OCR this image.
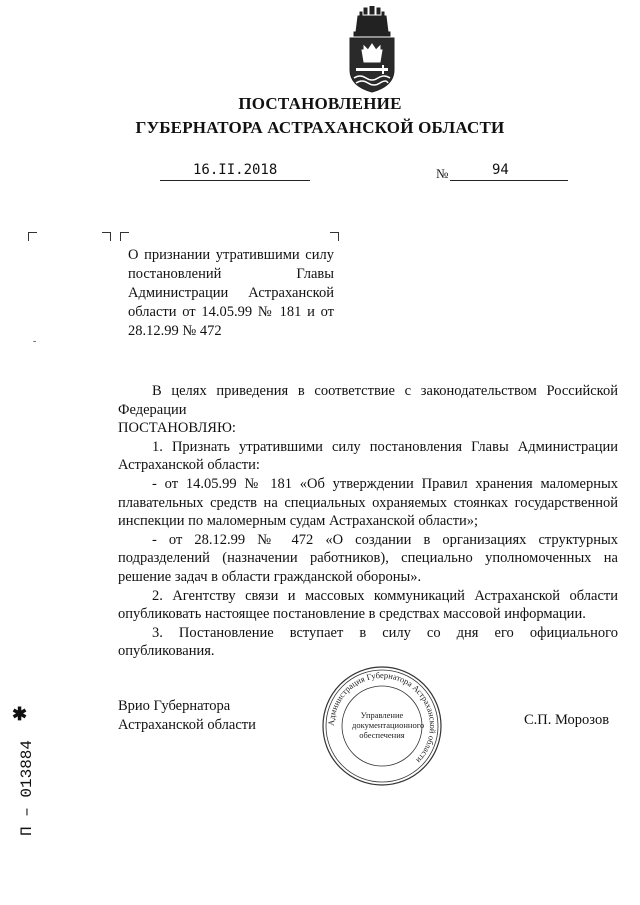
ПОСТАНОВЛЕНИЕ
ГУБЕРНАТОРА АСТРАХАНСКОЙ ОБЛАСТИ
16.II.2018	№	94
О признании утратившими силу постановлений Главы Администрации Астраханской области от 14.05.99 № 181 и от 28.12.99 № 472
-

В целях приведения в соответствие с законодательством Российской Федерации

ПОСТАНОВЛЯЮ:

1. Признать утратившими силу постановления Главы Администрации Астраханской области:

- от 14.05.99 № 181 «Об утверждении Правил хранения маломерных плавательных средств на специальных охраняемых стоянках государственной инспекции по маломерным судам Астраханской области»;

- от 28.12.99 № 472 «О создании в организациях структурных подразделений (назначении работников), специально уполномоченных на решение задач в области гражданской обороны».

2. Агентству связи и массовых коммуникаций Астраханской области опубликовать настоящее постановление в средствах массовой информации.

3. Постановление вступает в силу со дня его официального опубликования.

Врио Губернатора
Астраханской области	Администрация Губернатора Астраханской области
Управление документационного обеспечения
С.П. Морозов
✱
П – 013884
